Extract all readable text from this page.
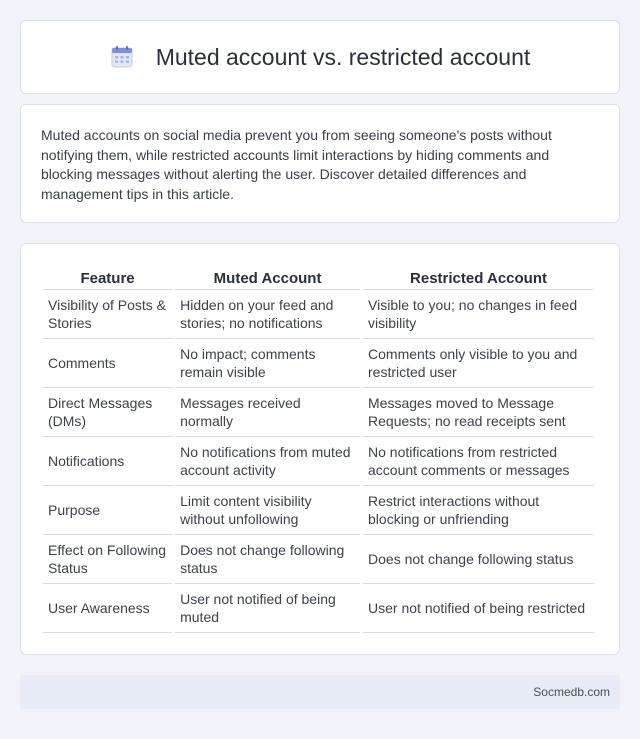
Muted account vs. restricted account

Muted accounts on social media prevent you from seeing someone's posts without notifying them, while restricted accounts limit interactions by hiding comments and blocking messages without alerting the user. Discover detailed differences and management tips in this article.

Feature	Muted Account	Restricted Account
Visibility of Posts & Stories	Hidden on your feed and stories; no notifications	Visible to you; no changes in feed visibility
Comments	No impact; comments remain visible	Comments only visible to you and restricted user
Direct Messages (DMs)	Messages received normally	Messages moved to Message Requests; no read receipts sent
Notifications	No notifications from muted account activity	No notifications from restricted account comments or messages
Purpose	Limit content visibility without unfollowing	Restrict interactions without blocking or unfriending
Effect on Following Status	Does not change following status	Does not change following status
User Awareness	User not notified of being muted	User not notified of being restricted
Socmedb.com
